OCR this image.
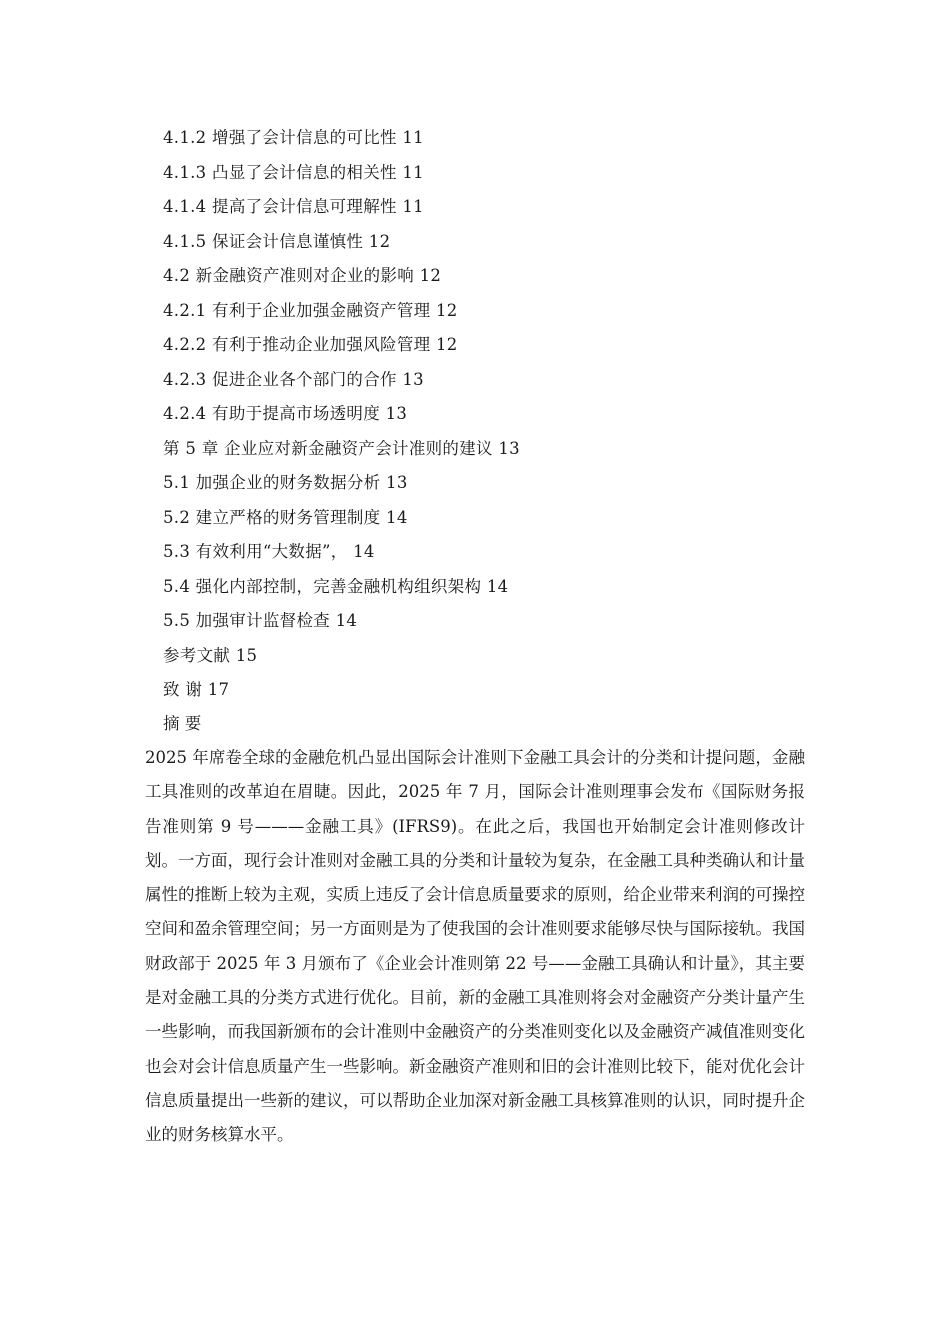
4.1.2 增强了会计信息的可比性 11
4.1.3 凸显了会计信息的相关性 11
4.1.4 提高了会计信息可理解性 11
4.1.5 保证会计信息谨慎性 12
4.2 新金融资产准则对企业的影响 12
4.2.1 有利于企业加强金融资产管理 12
4.2.2 有利于推动企业加强风险管理 12
4.2.3 促进企业各个部门的合作 13
4.2.4 有助于提高市场透明度 13
第 5 章 企业应对新金融资产会计准则的建议 13
5.1 加强企业的财务数据分析 13
5.2 建立严格的财务管理制度 14
5.3 有效利用“大数据”， 14
5.4 强化内部控制，完善金融机构组织架构 14
5.5 加强审计监督检查 14
参考文献 15
致 谢 17
摘 要
2025 年席卷全球的金融危机凸显出国际会计准则下金融工具会计的分类和计提问题，金融工具准则的改革迫在眉睫。因此，2025 年 7 月，国际会计准则理事会发布《国际财务报告准则第 9 号———金融工具》(IFRS9)。在此之后，我国也开始制定会计准则修改计划。一方面，现行会计准则对金融工具的分类和计量较为复杂，在金融工具种类确认和计量属性的推断上较为主观，实质上违反了会计信息质量要求的原则，给企业带来利润的可操控空间和盈余管理空间；另一方面则是为了使我国的会计准则要求能够尽快与国际接轨。我国财政部于 2025 年 3 月颁布了《企业会计准则第 22 号——金融工具确认和计量》，其主要是对金融工具的分类方式进行优化。目前，新的金融工具准则将会对金融资产分类计量产生一些影响，而我国新颁布的会计准则中金融资产的分类准则变化以及金融资产减值准则变化也会对会计信息质量产生一些影响。新金融资产准则和旧的会计准则比较下，能对优化会计信息质量提出一些新的建议，可以帮助企业加深对新金融工具核算准则的认识，同时提升企业的财务核算水平。
